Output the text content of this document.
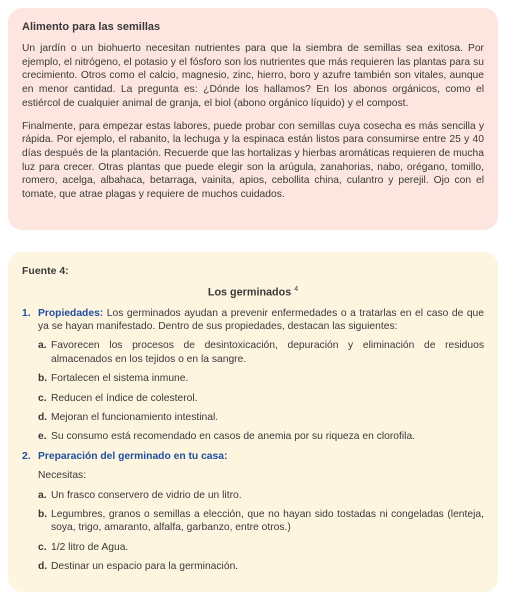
Alimento para las semillas

Un jardín o un biohuerto necesitan nutrientes para que la siembra de semillas sea exitosa. Por ejemplo, el nitrógeno, el potasio y el fósforo son los nutrientes que más requieren las plantas para su crecimiento. Otros como el calcio, magnesio, zinc, hierro, boro y azufre también son vitales, aunque en menor cantidad. La pregunta es: ¿Dónde los hallamos? En los abonos orgánicos, como el estiércol de cualquier animal de granja, el biol (abono orgánico líquido) y el compost.

Finalmente, para empezar estas labores, puede probar con semillas cuya cosecha es más sencilla y rápida. Por ejemplo, el rabanito, la lechuga y la espinaca están listos para consumirse entre 25 y 40 días después de la plantación. Recuerde que las hortalizas y hierbas aromáticas requieren de mucha luz para crecer. Otras plantas que puede elegir son la arúgula, zanahorias, nabo, orégano, tomillo, romero, acelga, albahaca, betarraga, vainita, apios, cebollita china, culantro y perejil. Ojo con el tomate, que atrae plagas y requiere de muchos cuidados.

Fuente 4:
Los germinados $^4$
1. Propiedades: Los germinados ayudan a prevenir enfermedades o a tratarlas en el caso de que ya se hayan manifestado. Dentro de sus propiedades, destacan las siguientes:
a. Favorecen los procesos de desintoxicación, depuración y eliminación de residuos almacenados en los tejidos o en la sangre.
b. Fortalecen el sistema inmune.
c. Reducen el índice de colesterol.
d. Mejoran el funcionamiento intestinal.
e. Su consumo está recomendado en casos de anemia por su riqueza en clorofila.
2. Preparación del germinado en tu casa:
Necesitas:
a. Un frasco conservero de vidrio de un litro.
b. Legumbres, granos o semillas a elección, que no hayan sido tostadas ni congeladas (lenteja, soya, trigo, amaranto, alfalfa, garbanzo, entre otros.)
c. 1/2 litro de Agua.
d. Destinar un espacio para la germinación.
